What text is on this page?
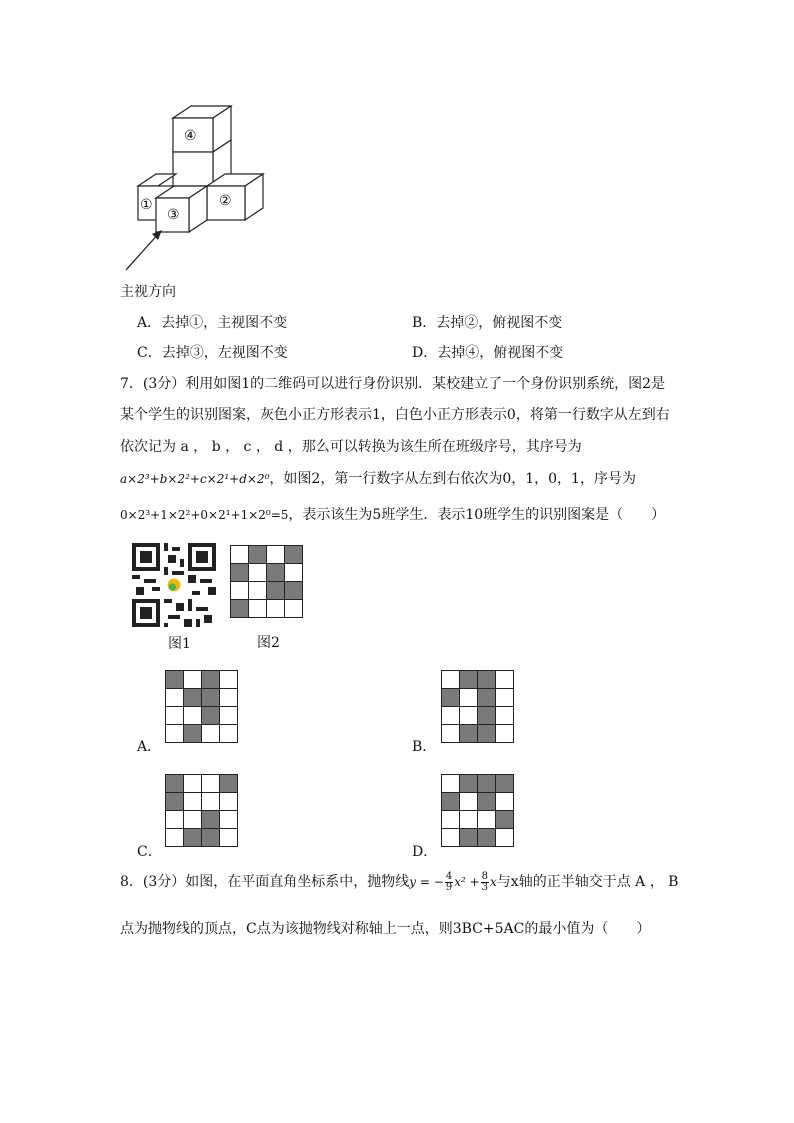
④
①
③
②
主视方向
A．去掉①，主视图不变	B．去掉②，俯视图不变
C．去掉③，左视图不变	D．去掉④，俯视图不变
7．(3分）利用如图1的二维码可以进行身份识别．某校建立了一个身份识别系统，图2是
某个学生的识别图案，灰色小正方形表示1，白色小正方形表示0，将第一行数字从左到右
依次记为 a ， b ， c ， d ，那么可以转换为该生所在班级序号，其序号为
a×2³+b×2²+c×2¹+d×2⁰，如图2，第一行数字从左到右依次为0，1，0，1，序号为
0×2³+1×2²+0×2¹+1×2⁰=5，表示该生为5班学生．表示10班学生的识别图案是（　　）
图1

				图2

A．

				B．

C．

				D．
8．(3分）如图，在平面直角坐标系中，抛物线y = − $\frac{4}{9} x^2 + \frac{8}{3}$ x与x轴的正半轴交于点 A ， B
点为抛物线的顶点，C点为该抛物线对称轴上一点，则3BC+5AC的最小值为（　　）
